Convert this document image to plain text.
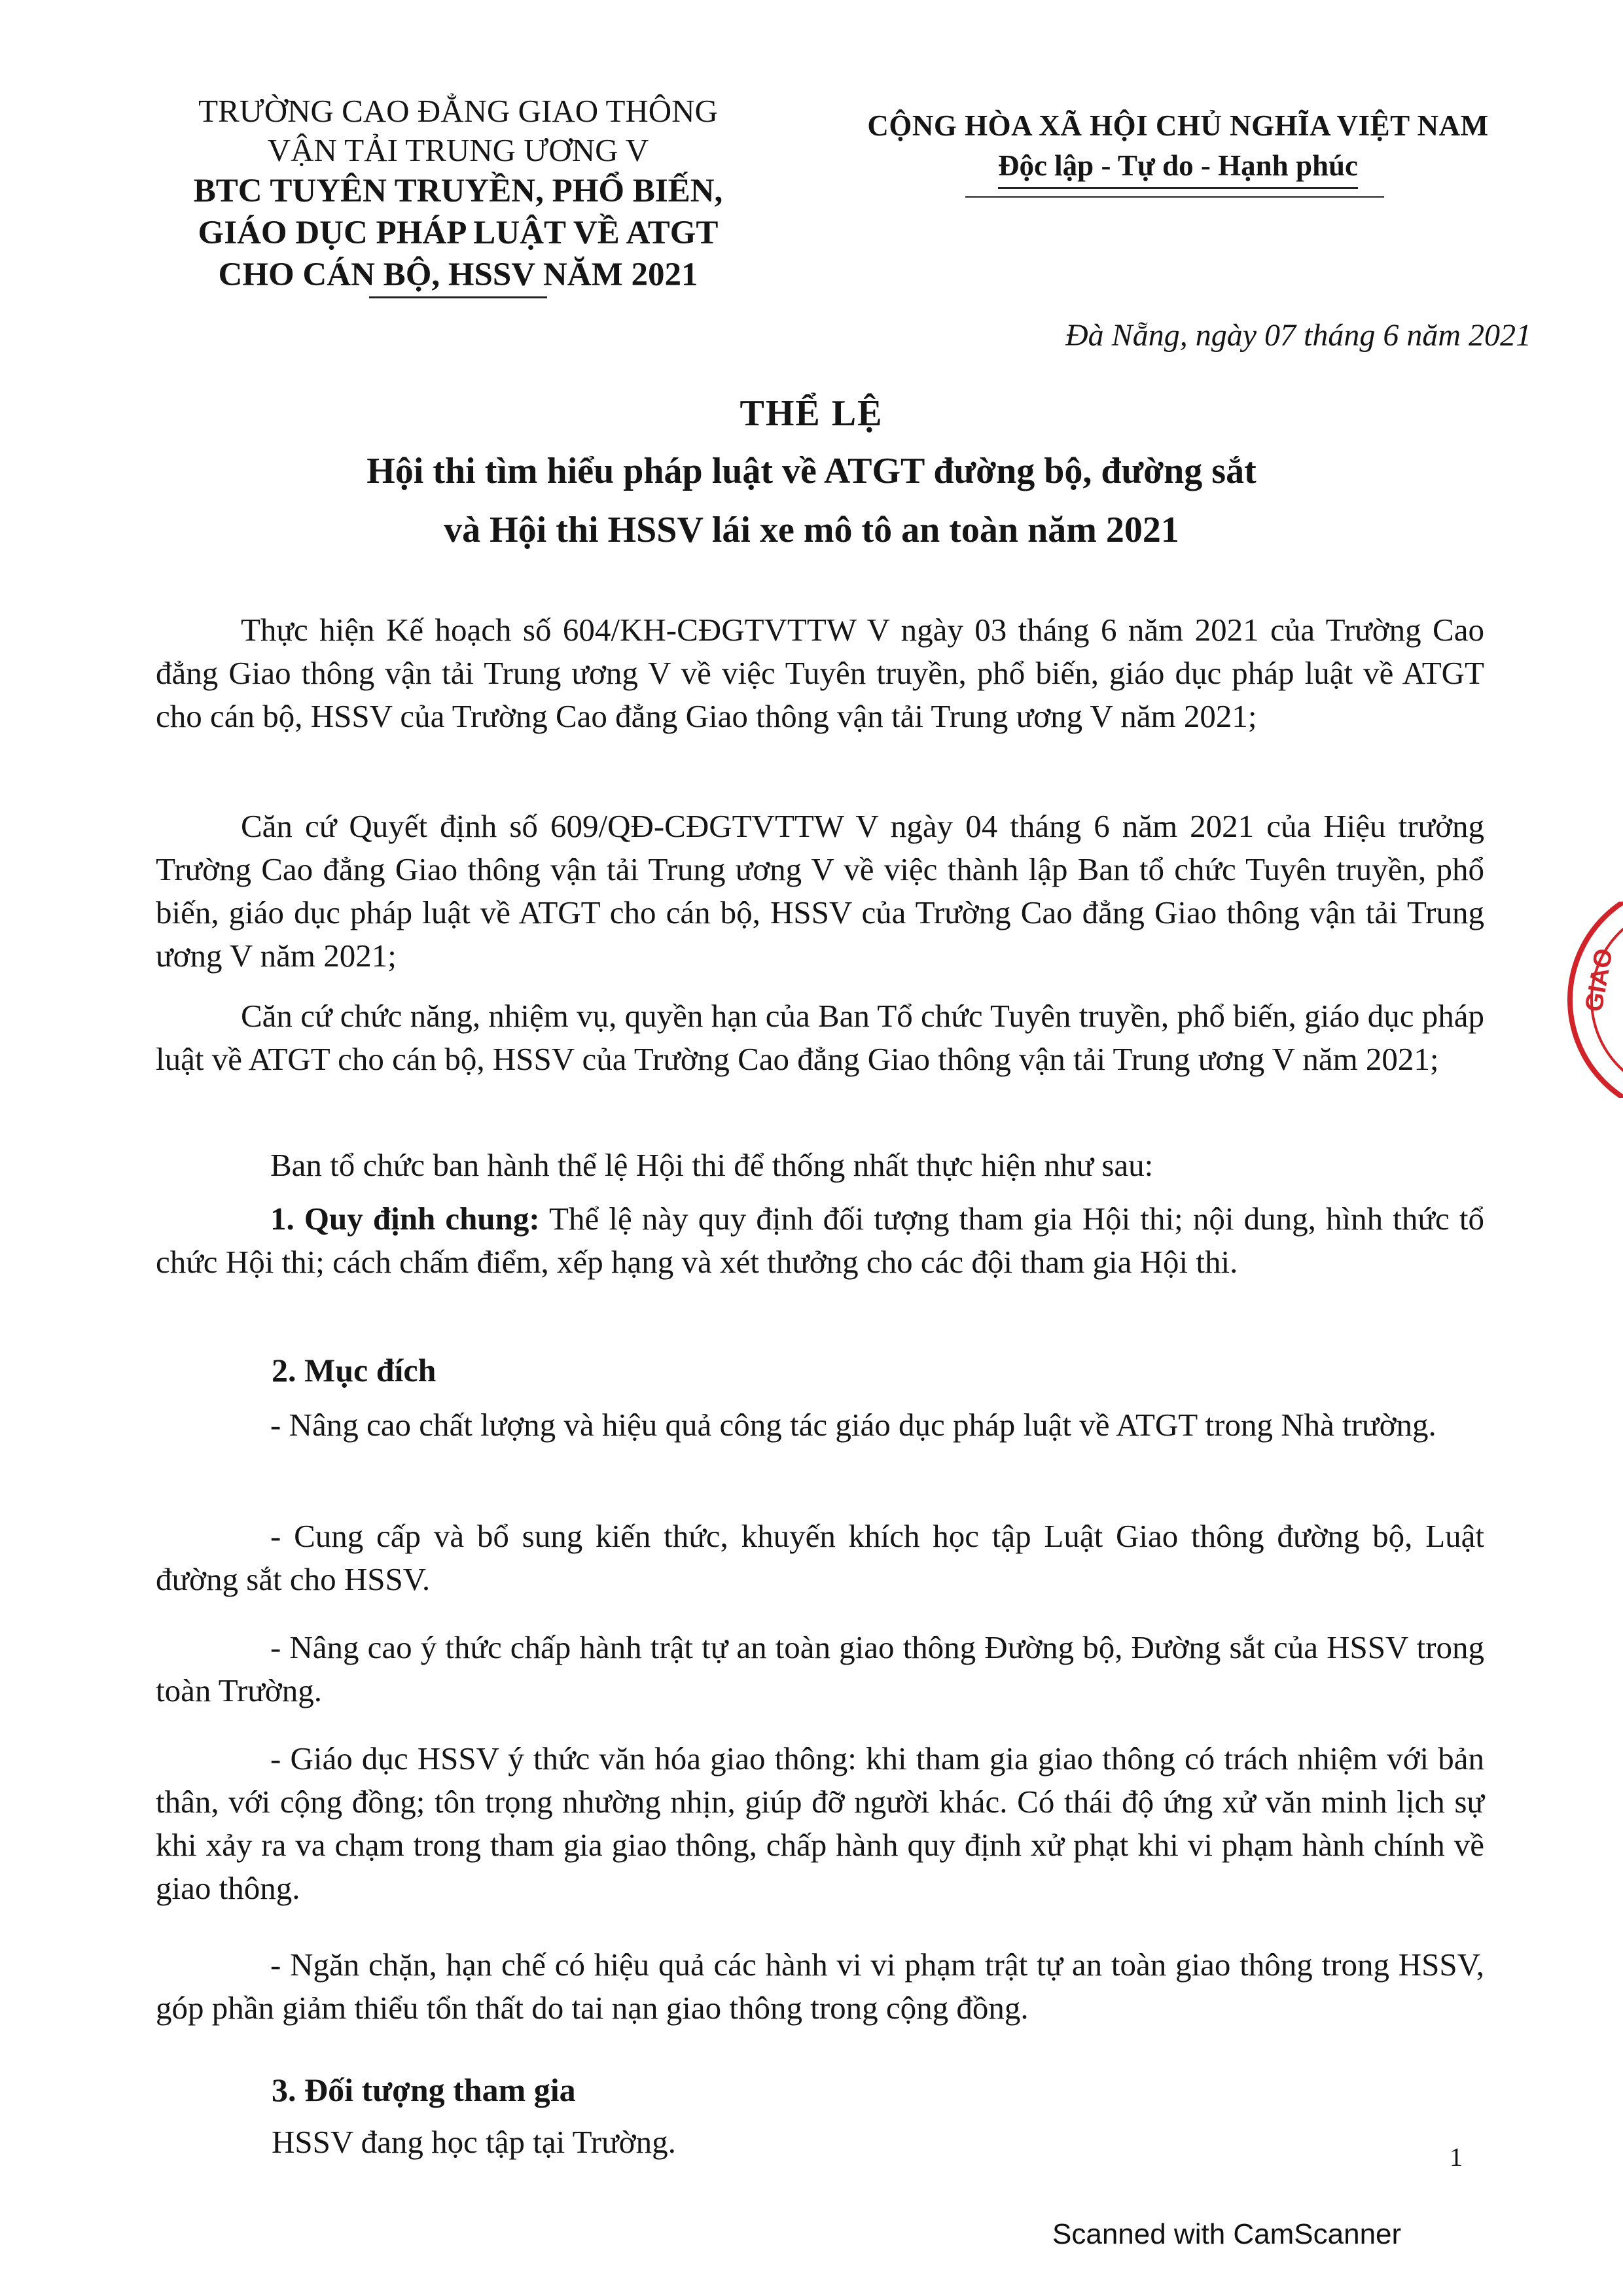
TRƯỜNG CAO ĐẲNG GIAO THÔNG
VẬN TẢI TRUNG ƯƠNG V
BTC TUYÊN TRUYỀN, PHỔ BIẾN,
GIÁO DỤC PHÁP LUẬT VỀ ATGT
CHO CÁN BỘ, HSSV NĂM 2021
CỘNG HÒA XÃ HỘI CHỦ NGHĨA VIỆT NAM
Độc lập - Tự do - Hạnh phúc
Đà Nẵng, ngày 07 tháng 6 năm 2021
THỂ LỆ
Hội thi tìm hiểu pháp luật về ATGT đường bộ, đường sắt
và Hội thi HSSV lái xe mô tô an toàn năm 2021
Thực hiện Kế hoạch số 604/KH-CĐGTVTTW V ngày 03 tháng 6 năm 2021 của Trường Cao đẳng Giao thông vận tải Trung ương V về việc Tuyên truyền, phổ biến, giáo dục pháp luật về ATGT cho cán bộ, HSSV của Trường Cao đẳng Giao thông vận tải Trung ương V năm 2021;
Căn cứ Quyết định số 609/QĐ-CĐGTVTTW V ngày 04 tháng 6 năm 2021 của Hiệu trưởng Trường Cao đẳng Giao thông vận tải Trung ương V về việc thành lập Ban tổ chức Tuyên truyền, phổ biến, giáo dục pháp luật về ATGT cho cán bộ, HSSV của Trường Cao đẳng Giao thông vận tải Trung ương V năm 2021;
Căn cứ chức năng, nhiệm vụ, quyền hạn của Ban Tổ chức Tuyên truyền, phổ biến, giáo dục pháp luật về ATGT cho cán bộ, HSSV của Trường Cao đẳng Giao thông vận tải Trung ương V năm 2021;
Ban tổ chức ban hành thể lệ Hội thi để thống nhất thực hiện như sau:
1. Quy định chung: Thể lệ này quy định đối tượng tham gia Hội thi; nội dung, hình thức tổ chức Hội thi; cách chấm điểm, xếp hạng và xét thưởng cho các đội tham gia Hội thi.
2. Mục đích
- Nâng cao chất lượng và hiệu quả công tác giáo dục pháp luật về ATGT trong Nhà trường.
- Cung cấp và bổ sung kiến thức, khuyến khích học tập Luật Giao thông đường bộ, Luật đường sắt cho HSSV.
- Nâng cao ý thức chấp hành trật tự an toàn giao thông Đường bộ, Đường sắt của HSSV trong toàn Trường.
- Giáo dục HSSV ý thức văn hóa giao thông: khi tham gia giao thông có trách nhiệm với bản thân, với cộng đồng; tôn trọng nhường nhịn, giúp đỡ người khác. Có thái độ ứng xử văn minh lịch sự khi xảy ra va chạm trong tham gia giao thông, chấp hành quy định xử phạt khi vi phạm hành chính về giao thông.
- Ngăn chặn, hạn chế có hiệu quả các hành vi vi phạm trật tự an toàn giao thông trong HSSV, góp phần giảm thiểu tổn thất do tai nạn giao thông trong cộng đồng.
3. Đối tượng tham gia
HSSV đang học tập tại Trường.	1
Scanned with CamScanner
GIAO
